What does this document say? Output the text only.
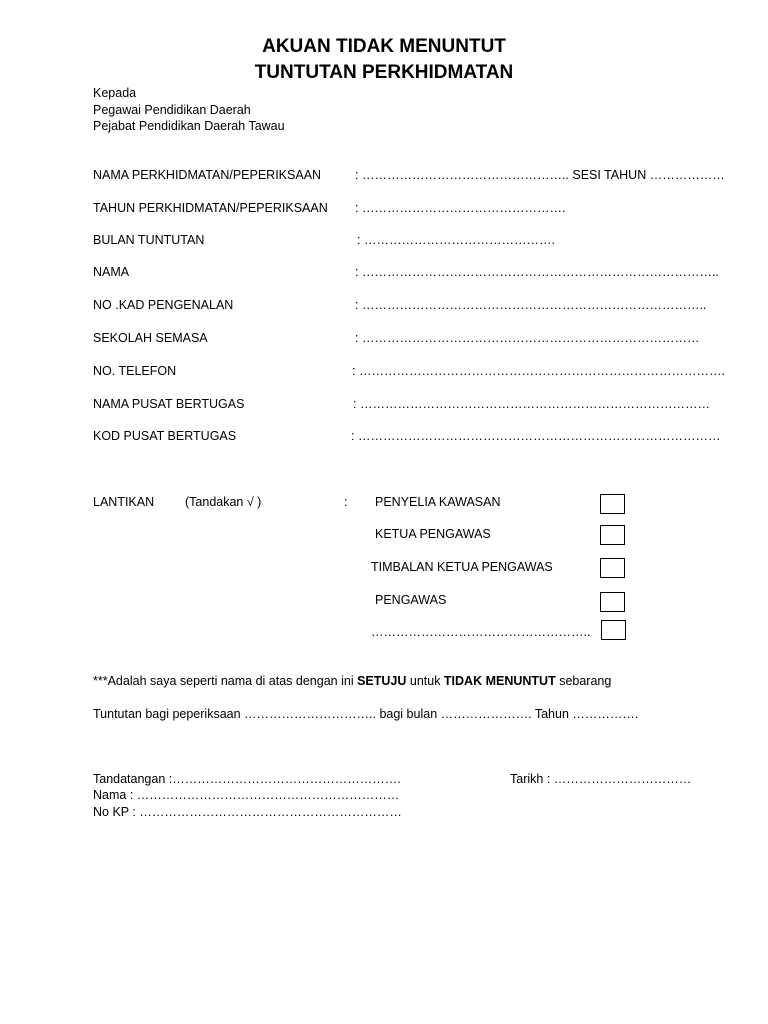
AKUAN TIDAK MENUNTUT
TUNTUTAN PERKHIDMATAN
Kepada
Pegawai Pendidikan Daerah
Pejabat Pendidikan Daerah Tawau
NAMA PERKHIDMATAN/PEPERIKSAAN	: ………………………………………….. SESI TAHUN ………………
TAHUN PERKHIDMATAN/PEPERIKSAAN : ………………………………………….
BULAN TUNTUTAN	: ……………………………………….
NAMA	: …………………………………………………………………………..
NO .KAD PENGENALAN	: ………………………………………………………………………..
SEKOLAH SEMASA	: ………………………………………………………………………
NO. TELEFON	: …………………………………………………………………………….
NAMA PUSAT BERTUGAS	: …………………………………………………………………………
KOD PUSAT BERTUGAS	: ……………………………………………………………………………
LANTIKAN (Tandakan √ )	: PENYELIA KAWASAN
KETUA PENGAWAS
TIMBALAN KETUA PENGAWAS
PENGAWAS
……………………………………………..
***Adalah saya seperti nama di atas dengan ini SETUJU untuk TIDAK MENUNTUT sebarang
Tuntutan bagi peperiksaan ………………………….. bagi bulan …………………. Tahun …………….
Tandatangan :……………………………………………….	Tarikh : ……………………………
Nama : ………………………………………………………
No KP : ………………………………………………………
